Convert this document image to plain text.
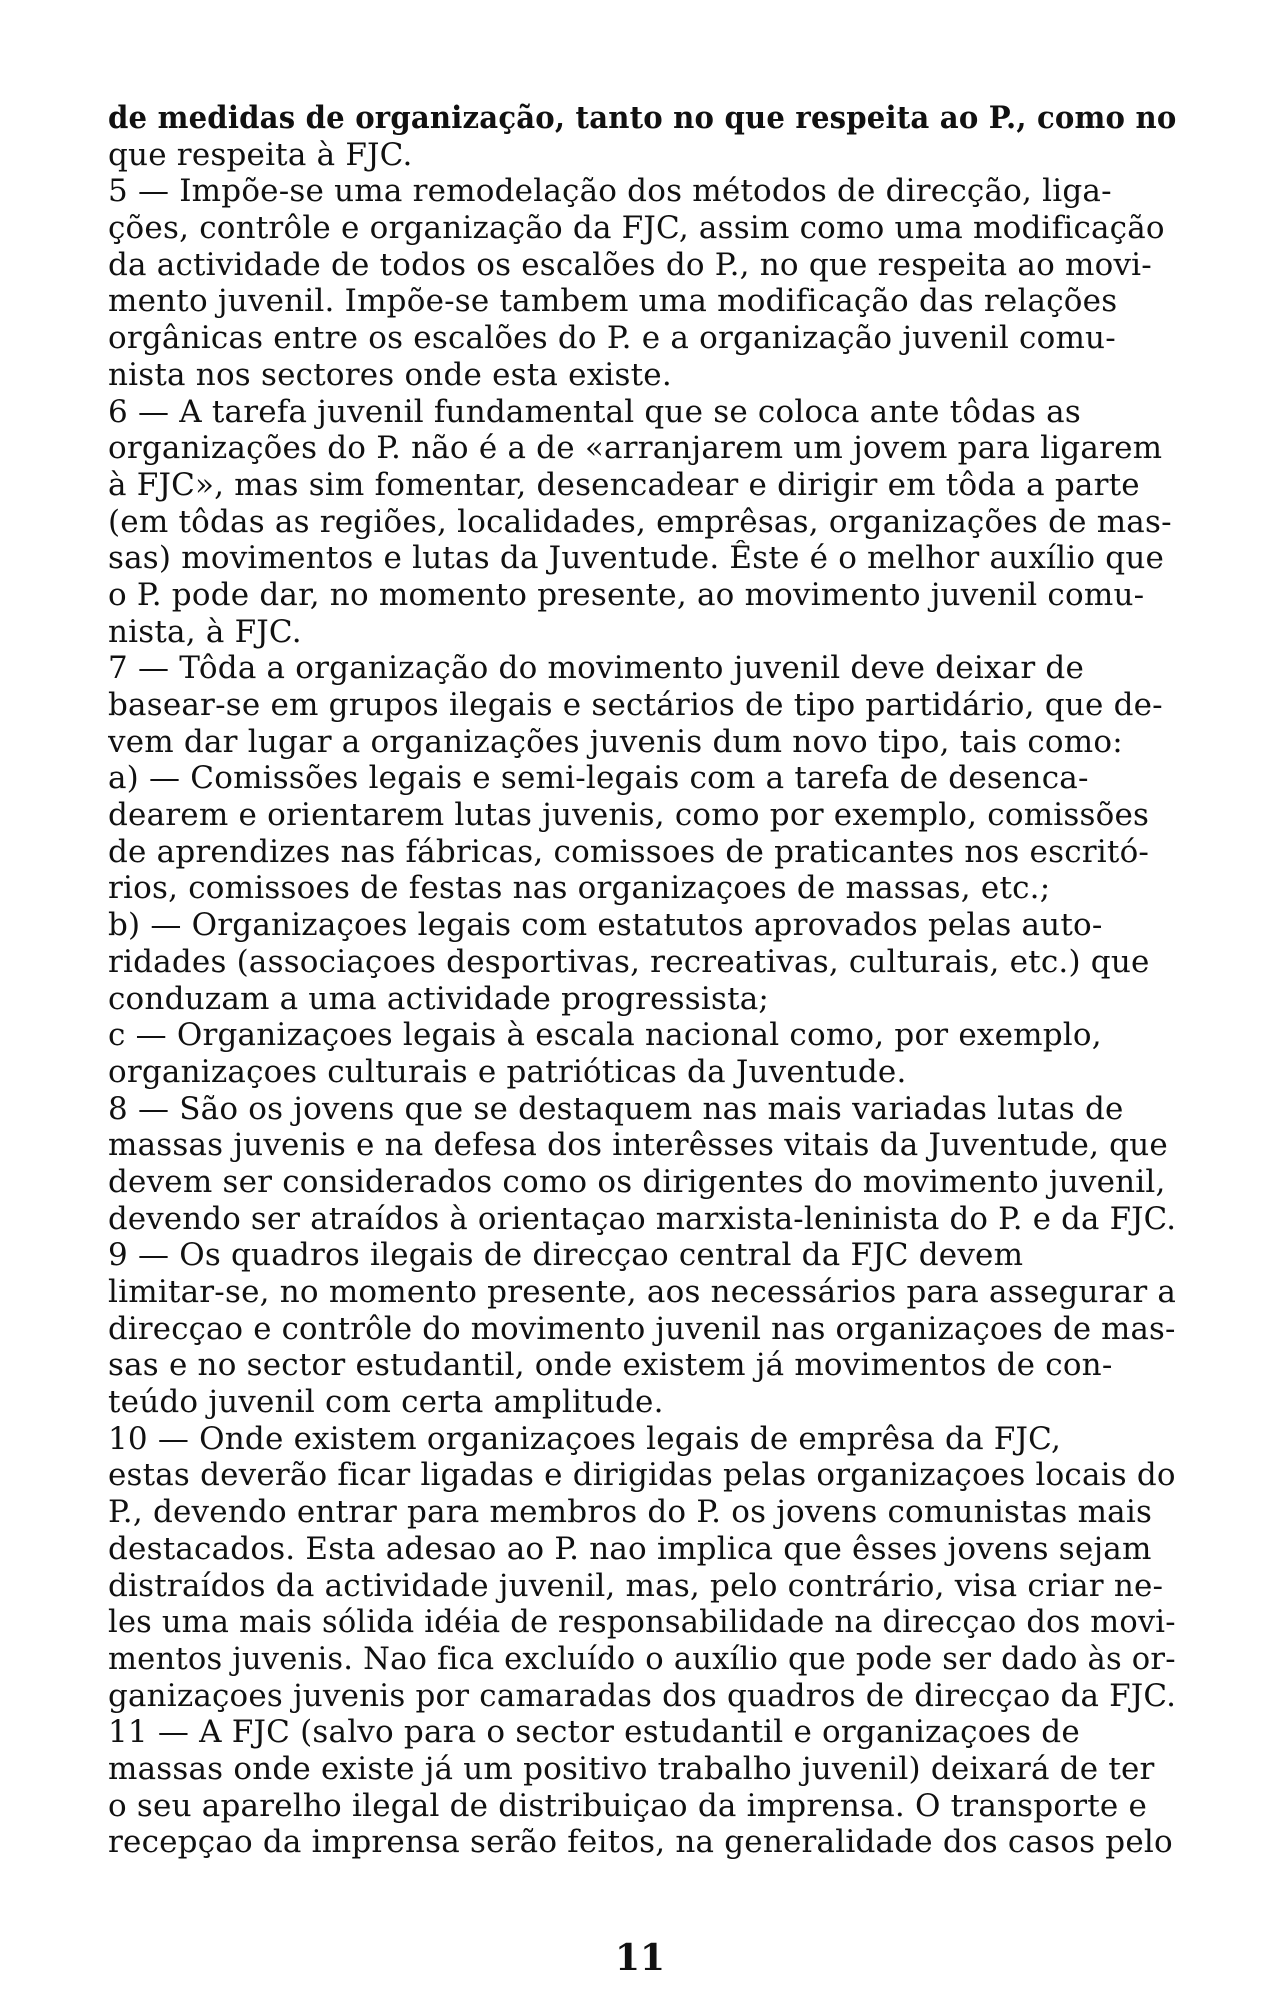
de medidas de organização, tanto no que respeita ao P., como no
que respeita à FJC.
5 — Impõe-se uma remodelação dos métodos de direcção, liga-
ções, contrôle e organização da FJC, assim como uma modificação
da actividade de todos os escalões do P., no que respeita ao movi-
mento juvenil. Impõe-se tambem uma modificação das relações
orgânicas entre os escalões do P. e a organização juvenil comu-
nista nos sectores onde esta existe.
6 — A tarefa juvenil fundamental que se coloca ante tôdas as
organizações do P. não é a de «arranjarem um jovem para ligarem
à FJC», mas sim fomentar, desencadear e dirigir em tôda a parte
(em tôdas as regiões, localidades, emprêsas, organizações de mas-
sas) movimentos e lutas da Juventude. Êste é o melhor auxílio que
o P. pode dar, no momento presente, ao movimento juvenil comu-
nista, à FJC.
7 — Tôda a organização do movimento juvenil deve deixar de
basear-se em grupos ilegais e sectários de tipo partidário, que de-
vem dar lugar a organizações juvenis dum novo tipo, tais como:
a) — Comissões legais e semi-legais com a tarefa de desenca-
dearem e orientarem lutas juvenis, como por exemplo, comissões
de aprendizes nas fábricas, comissoes de praticantes nos escritó-
rios, comissoes de festas nas organizaçoes de massas, etc.;
b) — Organizaçoes legais com estatutos aprovados pelas auto-
ridades (associaçoes desportivas, recreativas, culturais, etc.) que
conduzam a uma actividade progressista;
c — Organizaçoes legais à escala nacional como, por exemplo,
organizaçoes culturais e patrióticas da Juventude.
8 — São os jovens que se destaquem nas mais variadas lutas de
massas juvenis e na defesa dos interêsses vitais da Juventude, que
devem ser considerados como os dirigentes do movimento juvenil,
devendo ser atraídos à orientaçao marxista-leninista do P. e da FJC.
9 — Os quadros ilegais de direcçao central da FJC devem
limitar-se, no momento presente, aos necessários para assegurar a
direcçao e contrôle do movimento juvenil nas organizaçoes de mas-
sas e no sector estudantil, onde existem já movimentos de con-
teúdo juvenil com certa amplitude.
10 — Onde existem organizaçoes legais de emprêsa da FJC,
estas deverão ficar ligadas e dirigidas pelas organizaçoes locais do
P., devendo entrar para membros do P. os jovens comunistas mais
destacados. Esta adesao ao P. nao implica que êsses jovens sejam
distraídos da actividade juvenil, mas, pelo contrário, visa criar ne-
les uma mais sólida idéia de responsabilidade na direcçao dos movi-
mentos juvenis. Nao fica excluído o auxílio que pode ser dado às or-
ganizaçoes juvenis por camaradas dos quadros de direcçao da FJC.
11 — A FJC (salvo para o sector estudantil e organizaçoes de
massas onde existe já um positivo trabalho juvenil) deixará de ter
o seu aparelho ilegal de distribuiçao da imprensa. O transporte e
recepçao da imprensa serão feitos, na generalidade dos casos pelo
11
